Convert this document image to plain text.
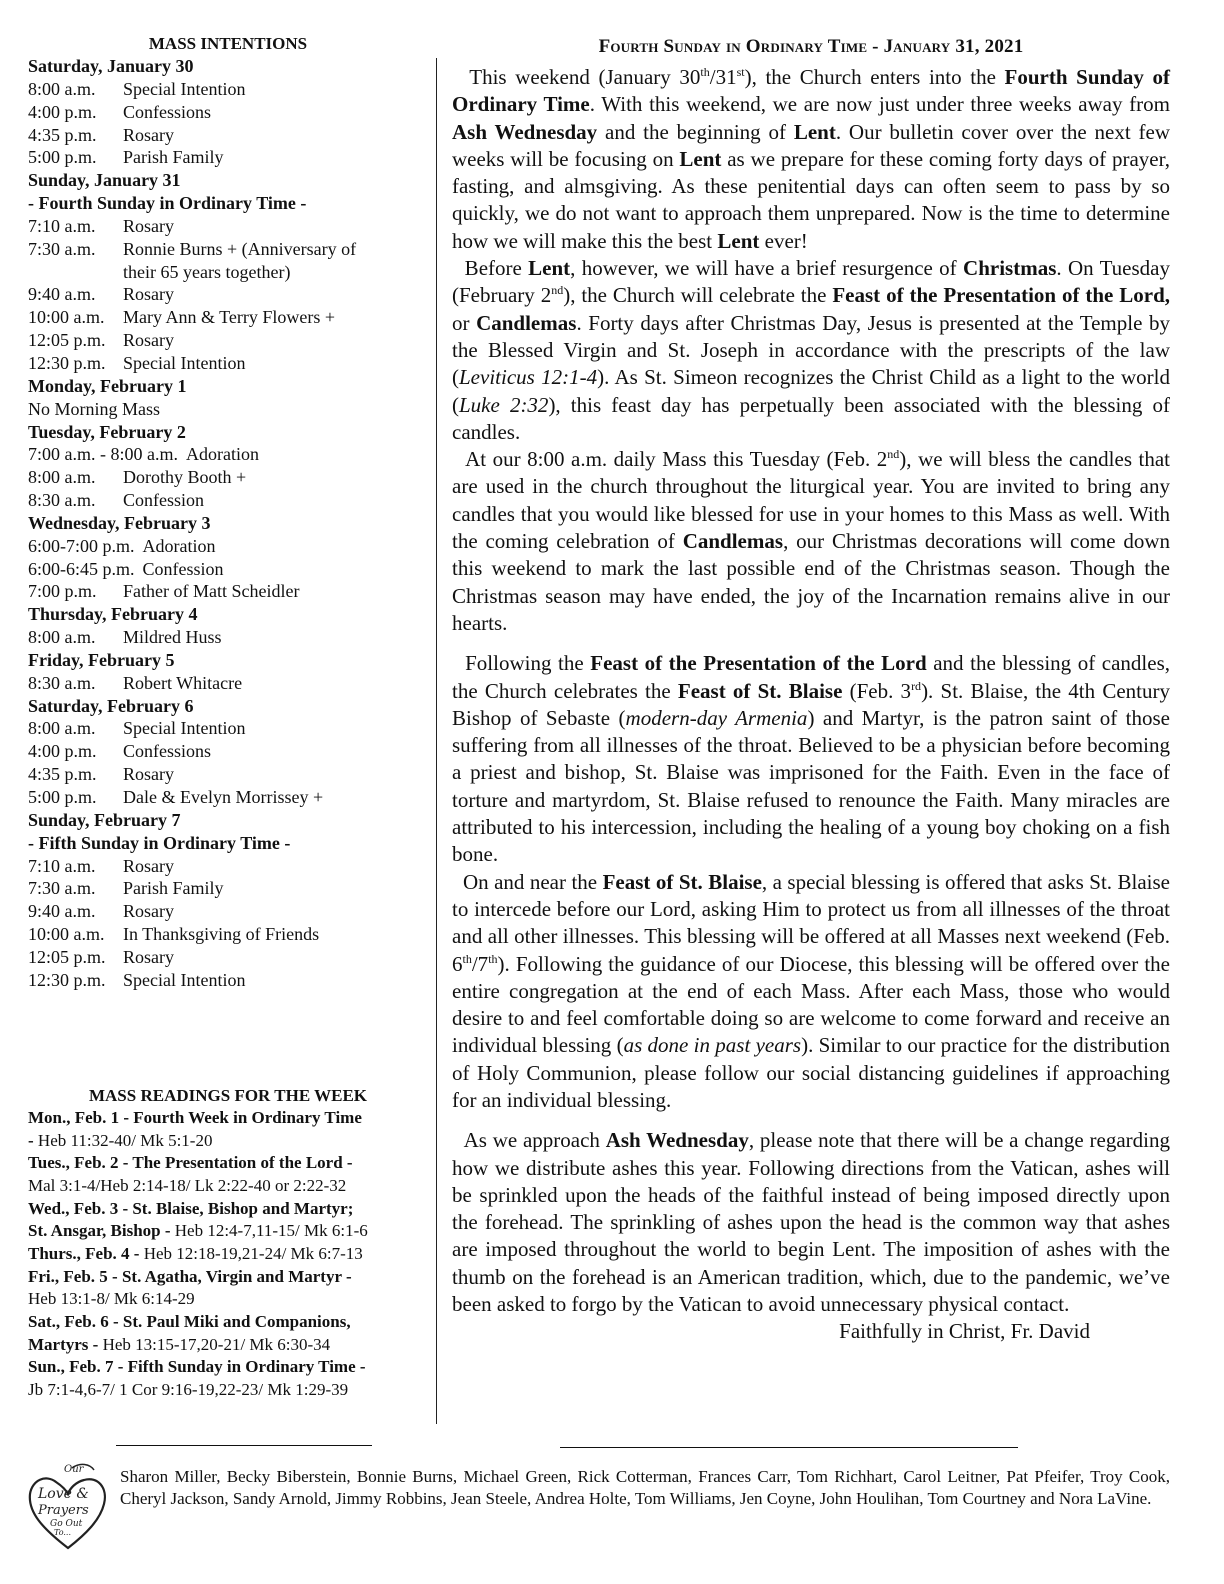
MASS INTENTIONS
Saturday, January 30
8:00 a.m. Special Intention
4:00 p.m. Confessions
4:35 p.m. Rosary
5:00 p.m. Parish Family
Sunday, January 31
- Fourth Sunday in Ordinary Time -
7:10 a.m. Rosary
7:30 a.m. Ronnie Burns + (Anniversary of
their 65 years together)
9:40 a.m. Rosary
10:00 a.m. Mary Ann & Terry Flowers +
12:05 p.m. Rosary
12:30 p.m. Special Intention
Monday, February 1
No Morning Mass
Tuesday, February 2
7:00 a.m. - 8:00 a.m. Adoration
8:00 a.m. Dorothy Booth +
8:30 a.m. Confession
Wednesday, February 3
6:00-7:00 p.m. Adoration
6:00-6:45 p.m. Confession
7:00 p.m. Father of Matt Scheidler
Thursday, February 4
8:00 a.m. Mildred Huss
Friday, February 5
8:30 a.m. Robert Whitacre
Saturday, February 6
8:00 a.m. Special Intention
4:00 p.m. Confessions
4:35 p.m. Rosary
5:00 p.m. Dale & Evelyn Morrissey +
Sunday, February 7
- Fifth Sunday in Ordinary Time -
7:10 a.m. Rosary
7:30 a.m. Parish Family
9:40 a.m. Rosary
10:00 a.m. In Thanksgiving of Friends
12:05 p.m. Rosary
12:30 p.m. Special Intention
MASS READINGS FOR THE WEEK
Mon., Feb. 1 - Fourth Week in Ordinary Time
- Heb 11:32-40/ Mk 5:1-20
Tues., Feb. 2 - The Presentation of the Lord -
Mal 3:1-4/Heb 2:14-18/ Lk 2:22-40 or 2:22-32
Wed., Feb. 3 - St. Blaise, Bishop and Martyr;
St. Ansgar, Bishop - Heb 12:4-7,11-15/ Mk 6:1-6
Thurs., Feb. 4 - Heb 12:18-19,21-24/ Mk 6:7-13
Fri., Feb. 5 - St. Agatha, Virgin and Martyr -
Heb 13:1-8/ Mk 6:14-29
Sat., Feb. 6 - St. Paul Miki and Companions,
Martyrs - Heb 13:15-17,20-21/ Mk 6:30-34
Sun., Feb. 7 - Fifth Sunday in Ordinary Time -
Jb 7:1-4,6-7/ 1 Cor 9:16-19,22-23/ Mk 1:29-39
Fourth Sunday in Ordinary Time - January 31, 2021

This weekend (January 30th/31st), the Church enters into the Fourth Sunday of Ordinary Time. With this weekend, we are now just under three weeks away from Ash Wednesday and the beginning of Lent. Our bulletin cover over the next few weeks will be focusing on Lent as we prepare for these coming forty days of prayer, fasting, and almsgiving. As these penitential days can often seem to pass by so quickly, we do not want to approach them unprepared. Now is the time to determine how we will make this the best Lent ever!

Before Lent, however, we will have a brief resurgence of Christmas. On Tuesday (February 2nd), the Church will celebrate the Feast of the Presentation of the Lord, or Candlemas. Forty days after Christmas Day, Jesus is presented at the Temple by the Blessed Virgin and St. Joseph in accordance with the prescripts of the law (Leviticus 12:1-4). As St. Simeon recognizes the Christ Child as a light to the world (Luke 2:32), this feast day has perpetually been associated with the blessing of candles.

At our 8:00 a.m. daily Mass this Tuesday (Feb. 2nd), we will bless the candles that are used in the church throughout the liturgical year. You are invited to bring any candles that you would like blessed for use in your homes to this Mass as well. With the coming celebration of Candlemas, our Christmas decorations will come down this weekend to mark the last possible end of the Christmas season. Though the Christmas season may have ended, the joy of the Incarnation remains alive in our hearts.

Following the Feast of the Presentation of the Lord and the blessing of candles, the Church celebrates the Feast of St. Blaise (Feb. 3rd). St. Blaise, the 4th Century Bishop of Sebaste (modern-day Armenia) and Martyr, is the patron saint of those suffering from all illnesses of the throat. Believed to be a physician before becoming a priest and bishop, St. Blaise was imprisoned for the Faith. Even in the face of torture and martyrdom, St. Blaise refused to renounce the Faith. Many miracles are attributed to his intercession, including the healing of a young boy choking on a fish bone.

On and near the Feast of St. Blaise, a special blessing is offered that asks St. Blaise to intercede before our Lord, asking Him to protect us from all illnesses of the throat and all other illnesses. This blessing will be offered at all Masses next weekend (Feb. 6th/7th). Following the guidance of our Diocese, this blessing will be offered over the entire congregation at the end of each Mass. After each Mass, those who would desire to and feel comfortable doing so are welcome to come forward and receive an individual blessing (as done in past years). Similar to our practice for the distribution of Holy Communion, please follow our social distancing guidelines if approaching for an individual blessing.

As we approach Ash Wednesday, please note that there will be a change regarding how we distribute ashes this year. Following directions from the Vatican, ashes will be sprinkled upon the heads of the faithful instead of being imposed directly upon the forehead. The sprinkling of ashes upon the head is the common way that ashes are imposed throughout the world to begin Lent. The imposition of ashes with the thumb on the forehead is an American tradition, which, due to the pandemic, we’ve been asked to forgo by the Vatican to avoid unnecessary physical contact.

Faithfully in Christ, Fr. David
Our
Love &
Prayers
Go Out
To...
Sharon Miller, Becky Biberstein, Bonnie Burns, Michael Green, Rick Cotterman, Frances Carr, Tom Richhart, Carol Leitner, Pat Pfeifer, Troy Cook, Cheryl Jackson, Sandy Arnold, Jimmy Robbins, Jean Steele, Andrea Holte, Tom Williams, Jen Coyne, John Houlihan, Tom Courtney and Nora LaVine.
